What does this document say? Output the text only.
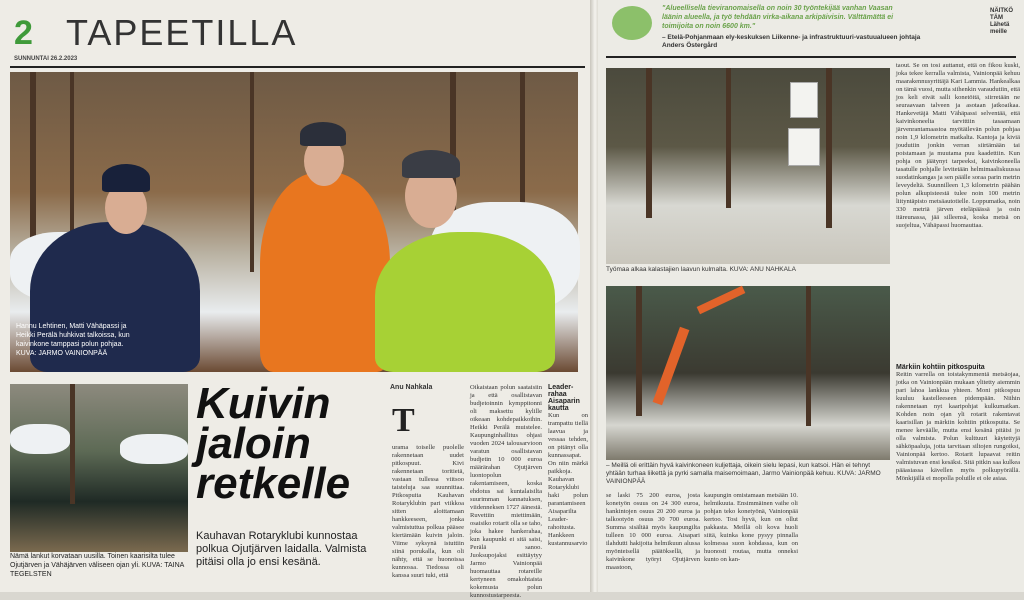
2 TAPEETILLA
SUNNUNTAI 26.2.2023
Hannu Lehtinen, Matti Vähäpassi ja Heikki Perälä huhkivat talkoissa, kun kaivinkone tamppasi polun pohjaa. KUVA: JARMO VAINIONPÄÄ
Nämä lankut korvataan uusilla. Toinen kaarisilta tulee Ojutjärven ja Vähäjärven väliseen ojan yli. KUVA: TAINA TEGELSTEN
Kuivin jaloin retkelle
Kauhavan Rotaryklubi kunnostaa polkua Ojutjärven laidalla. Valmista pitäisi olla jo ensi kesänä.
Anu Nahkala
T
urama toiselle puolelle rakennetaan uudet pitkospuut. Kivi rakennetaan toritietä, vastaan tullessa viitsoo taisteluja saa suunnittaa. Pitkospuita Kauhavan Rotaryklubin pari viikkoa sitten aloittamaan hankkeeseen, jonka valmistuttua polkua pääsee kiertämään kuivin jaloin. Viime syksynä istuttiin siinä porukalla, kun oli nähty, että se huonoissa kunnossa. Tiedossa oli kanssa suuri tuki, että
Oikaistaan polun saataisiin ja että osallistavan budjetoinnin kymppitonni oli maksettu kylille oikeaan kohdepaikkoihin. Heikki Perälä muistelee. Kaupunginhallitus ohjasi vuoden 2024 talousarvioon varatun osallistavan budjetin 10 000 euroa määrärahan Ojutjärven luontopolun rakentamiseen, koska ehdotus sai kuntalaisilta suurimman kannatuksen, viidenneksen 1727 äänestä. Ruvettiin miettimään, osaisiko rotarit olla se taho, joka hakee hankerahaa, kun kaupunki ei sitä saisi, Perälä sanoo. Juoksupojaksi esittäytyy Jarmo Vainionpää huomauttaa rotareille kertyneen omakohtaista kokemusta polun kunnostustarpeesta.
Leader-rahaa Aisaparin kautta
Kun on trampattu tiellä laavua ja vessaa tehden, on pitänyt olla kunnassapat. On niin märkä paikkoja. Kauhavan Rotaryklubi haki polun parantamiseen Aisaparilta Leader-rahoitusta. Hankkeen kustannusarvio
"Alueellisella tieviranomaisella on noin 30 työntekijää vanhan Vaasan läänin alueella, ja työ tehdään virka-aikana arkipäivisin. Välttämättä ei toimijoita on noin 6600 km."
– Etelä-Pohjanmaan ely-keskuksen Liikenne- ja infrastruktuuri-vastuualueen johtaja Anders Östergård
NÄITKÖ TÄM Lähetä meille
Työmaa alkaa kalastajien laavun kulmalta. KUVA: ANU NAHKALA
– Meillä oli erittäin hyvä kaivinkoneen kuljettaja, oikein sielu lepasi, kun katsoi. Hän ei tehnyt yhtään turhaa liikettä ja pyrki samalla maisemoimaan, Jarmo Vainionpää kehuu. KUVA: JARMO VAINIONPÄÄ
taout. Se on tosi auttanut, että on fikou kuski, joka tekee kerralla valmista, Vainionpää kehuu maarakennusyrittäjä Kari Lammia. Hankealkaa on tämä vuosi, mutta siihenkin varaudutiin, että jos keli eivät salli konetöitä, siirretään ne seuraavaan talveen ja asotaan jatkoaikaa. Hankevetäjä Matti Vähäpassi selventää, että kaivinkoneelta tarvittiin tasaamaan järvenrantamaastoa myötäilevän polun pohjaa noin 1,9 kilometrin matkalta. Kantoja ja kiviä joudutiin jonkin verran siirtämään tai poistamaan ja muutama puu kaadettiin. Kun pohja on jäätynyt tarpeeksi, kaivinkoneella tasatulle pohjalle levitetään helmimaaliskuussa suodatinkangas ja sen päälle soraa parin metrin leveydeltä. Suunnilleen 1,3 kilometrin päähän polun alkupisteestä tulee noin 100 metrin liityntäpisto metsäautotielle. Loppumatka, noin 330 metriä järven eteläpäässä ja osin itäreunassa, jää silleensä, koska metsä on suojeltua, Vähäpassi huomauttaa.
Märkiin kohtiin pitkospuita
Reitin varrella on toistakymmentä metsäojaa, jotka on Vainionpään mukaan ylitetty aiemmin pari lahoa lankkua yhteen. Moni pitkospuu kuuluu kastelleeseen pidempään. Niihin rakennetaan nyt kaaripohjat kulkumatkan. Kohden noin ojan yli rotarit rakentavat kaarisillan ja märkiin kohtiin pitkospuita. Se menee keväälle, mutta ensi kesänä pitäisi jo olla valmista. Polun kulttuuri käytettyjä sähköpaaluja, jotta tarvitaan siltojen rungoiksi, Vainionpää kertoo. Rotarit lupaavat reitin valmistuvan ensi kesäksi. Sitä pitkin saa kulkea pääasiassa kävellen myös polkupyörällä. Mönkijällä ei mopolla poluille ei ole asiaa.
se laski 75 200 euroa, josta konetyön osuus on 24 300 euroa, hankintojen osuus 20 200 euroa ja talkootyön osuus 30 700 euroa. Summa sisältää myös kaupungilta tulleen 10 000 euroa. Aisapari ilahdutti hakijoita helmikuun alussa myönteisellä päätöksellä, ja kaivinkone työryi Ojutjärven maastoon,
kaupungin omistamaan metsään 10. helmikuuta. Ensimmäinen vaihe oli pohjan teko konetyönä, Vainionpää kertoo. Tosi hyvä, kun on ollut pakkasta. Meillä oli kova huoli siitä, kuinka kone pysyy pinnalla kolmessa suon kohdassa, kun on huonosti routaa, mutta onneksi kunto on kan-
